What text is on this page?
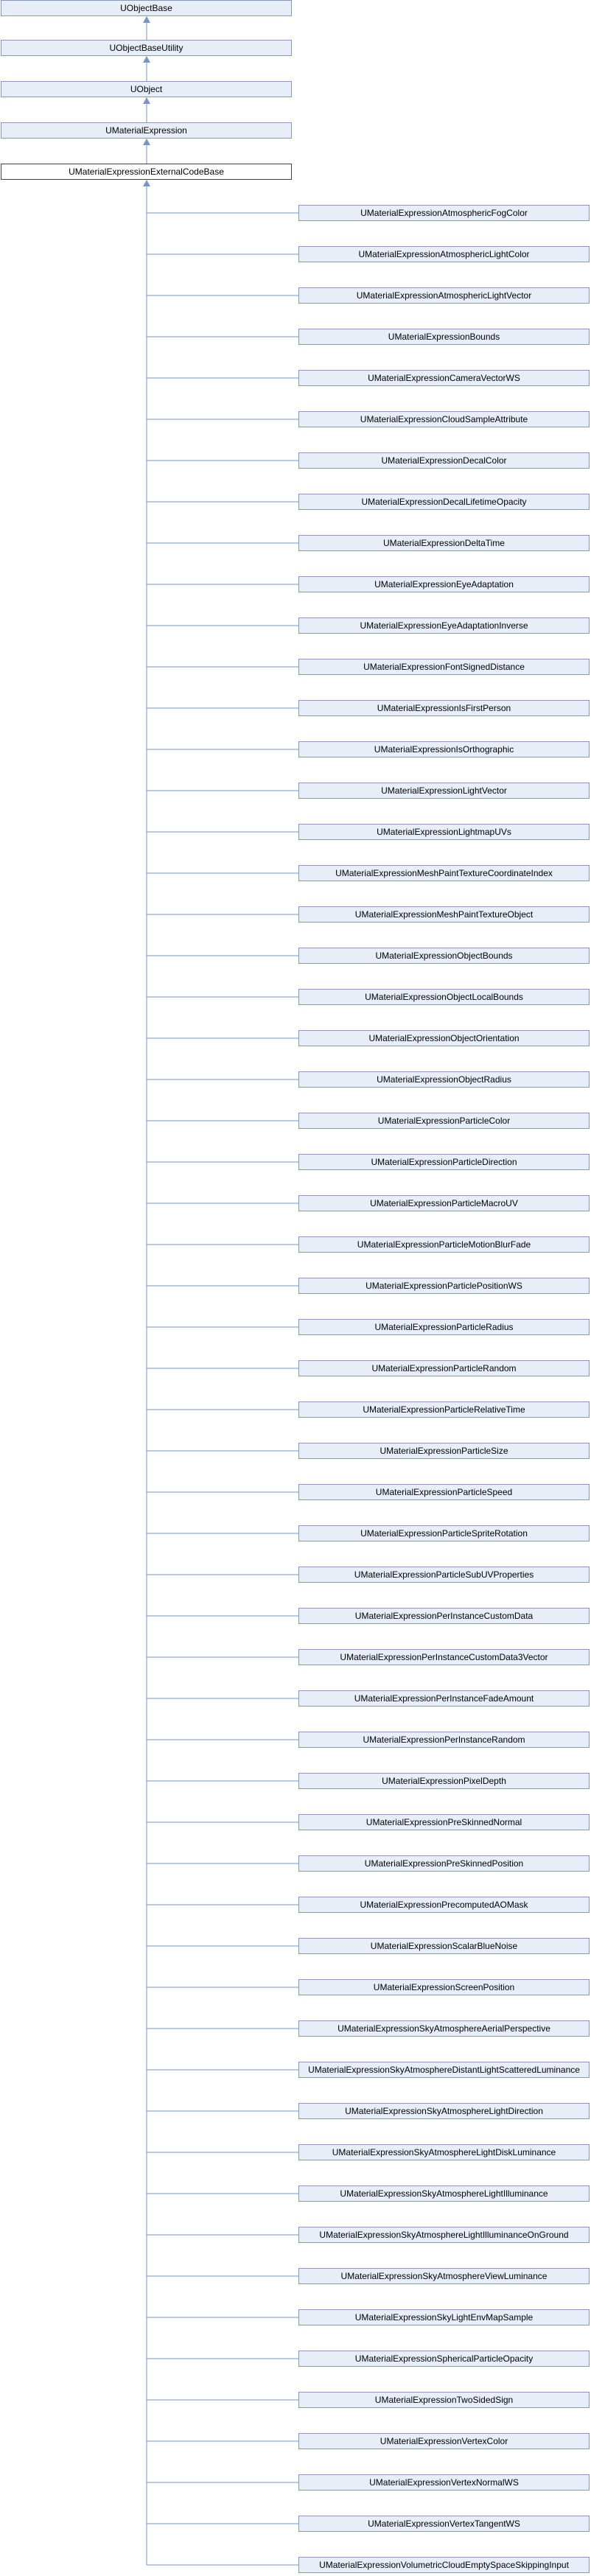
UObjectBase
UObjectBaseUtility
UObject
UMaterialExpression
UMaterialExpressionExternalCodeBase
UMaterialExpressionAtmosphericFogColor
UMaterialExpressionAtmosphericLightColor
UMaterialExpressionAtmosphericLightVector
UMaterialExpressionBounds
UMaterialExpressionCameraVectorWS
UMaterialExpressionCloudSampleAttribute
UMaterialExpressionDecalColor
UMaterialExpressionDecalLifetimeOpacity
UMaterialExpressionDeltaTime
UMaterialExpressionEyeAdaptation
UMaterialExpressionEyeAdaptationInverse
UMaterialExpressionFontSignedDistance
UMaterialExpressionIsFirstPerson
UMaterialExpressionIsOrthographic
UMaterialExpressionLightVector
UMaterialExpressionLightmapUVs
UMaterialExpressionMeshPaintTextureCoordinateIndex
UMaterialExpressionMeshPaintTextureObject
UMaterialExpressionObjectBounds
UMaterialExpressionObjectLocalBounds
UMaterialExpressionObjectOrientation
UMaterialExpressionObjectRadius
UMaterialExpressionParticleColor
UMaterialExpressionParticleDirection
UMaterialExpressionParticleMacroUV
UMaterialExpressionParticleMotionBlurFade
UMaterialExpressionParticlePositionWS
UMaterialExpressionParticleRadius
UMaterialExpressionParticleRandom
UMaterialExpressionParticleRelativeTime
UMaterialExpressionParticleSize
UMaterialExpressionParticleSpeed
UMaterialExpressionParticleSpriteRotation
UMaterialExpressionParticleSubUVProperties
UMaterialExpressionPerInstanceCustomData
UMaterialExpressionPerInstanceCustomData3Vector
UMaterialExpressionPerInstanceFadeAmount
UMaterialExpressionPerInstanceRandom
UMaterialExpressionPixelDepth
UMaterialExpressionPreSkinnedNormal
UMaterialExpressionPreSkinnedPosition
UMaterialExpressionPrecomputedAOMask
UMaterialExpressionScalarBlueNoise
UMaterialExpressionScreenPosition
UMaterialExpressionSkyAtmosphereAerialPerspective
UMaterialExpressionSkyAtmosphereDistantLightScatteredLuminance
UMaterialExpressionSkyAtmosphereLightDirection
UMaterialExpressionSkyAtmosphereLightDiskLuminance
UMaterialExpressionSkyAtmosphereLightIlluminance
UMaterialExpressionSkyAtmosphereLightIlluminanceOnGround
UMaterialExpressionSkyAtmosphereViewLuminance
UMaterialExpressionSkyLightEnvMapSample
UMaterialExpressionSphericalParticleOpacity
UMaterialExpressionTwoSidedSign
UMaterialExpressionVertexColor
UMaterialExpressionVertexNormalWS
UMaterialExpressionVertexTangentWS
UMaterialExpressionVolumetricCloudEmptySpaceSkippingInput
